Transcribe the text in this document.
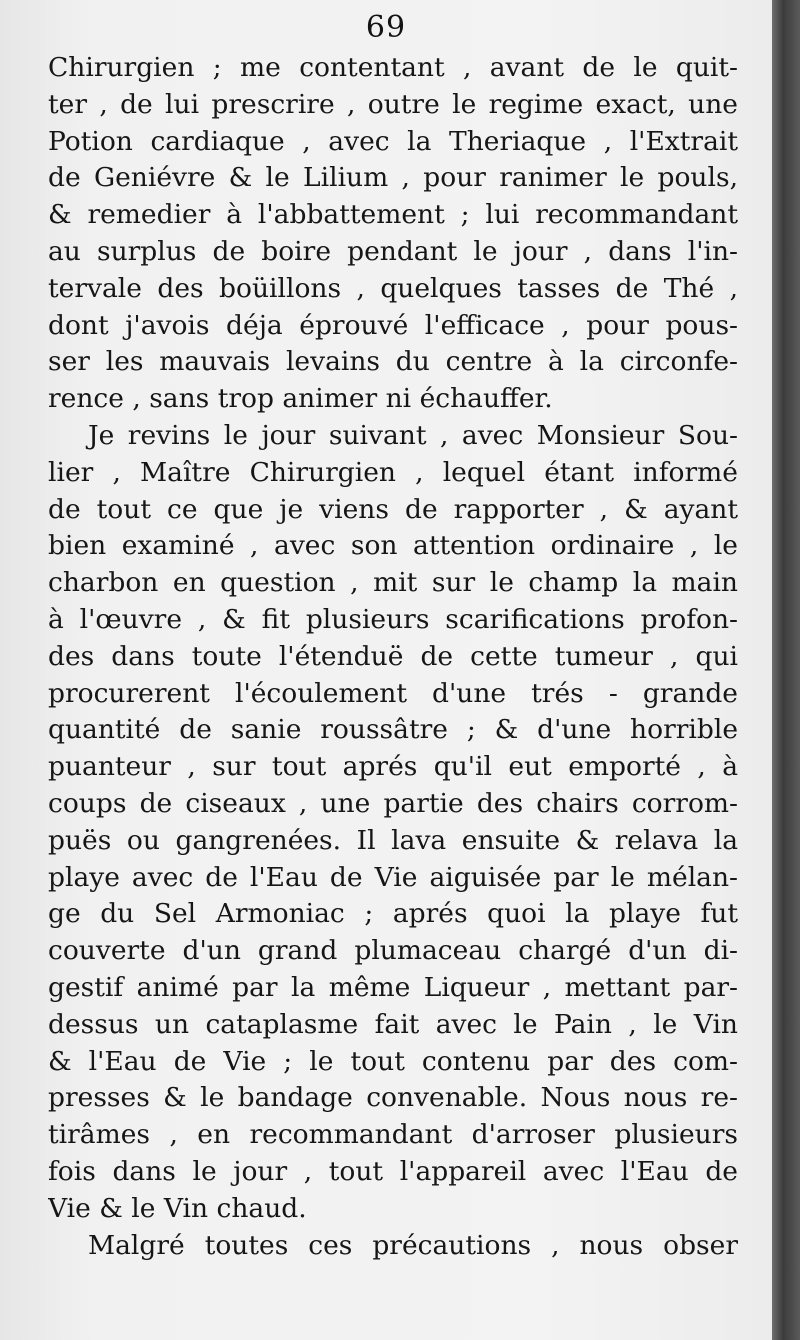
69
Chirurgien ; me contentant , avant de le quit-
ter , de lui prescrire , outre le regime exact, une
Potion cardiaque , avec la Theriaque , l'Extrait
de Geniévre & le Lilium , pour ranimer le pouls,
& remedier à l'abbattement ; lui recommandant
au surplus de boire pendant le jour , dans l'in-
tervale des boüillons , quelques tasses de Thé ,
dont j'avois déja éprouvé l'efficace , pour pous-
ser les mauvais levains du centre à la circonfe-
rence , sans trop animer ni échauffer.
Je revins le jour suivant , avec Monsieur Sou-
lier , Maître Chirurgien , lequel étant informé
de tout ce que je viens de rapporter , & ayant
bien examiné , avec son attention ordinaire , le
charbon en question , mit sur le champ la main
à l'œuvre , & fit plusieurs scarifications profon-
des dans toute l'étenduë de cette tumeur , qui
procurerent l'écoulement d'une trés - grande
quantité de sanie roussâtre ; & d'une horrible
puanteur , sur tout aprés qu'il eut emporté , à
coups de ciseaux , une partie des chairs corrom-
puës ou gangrenées. Il lava ensuite & relava la
playe avec de l'Eau de Vie aiguisée par le mélan-
ge du Sel Armoniac ; aprés quoi la playe fut
couverte d'un grand plumaceau chargé d'un di-
gestif animé par la même Liqueur , mettant par-
dessus un cataplasme fait avec le Pain , le Vin
& l'Eau de Vie ; le tout contenu par des com-
presses & le bandage convenable. Nous nous re-
tirâmes , en recommandant d'arroser plusieurs
fois dans le jour , tout l'appareil avec l'Eau de
Vie & le Vin chaud.
Malgré toutes ces précautions , nous obser
